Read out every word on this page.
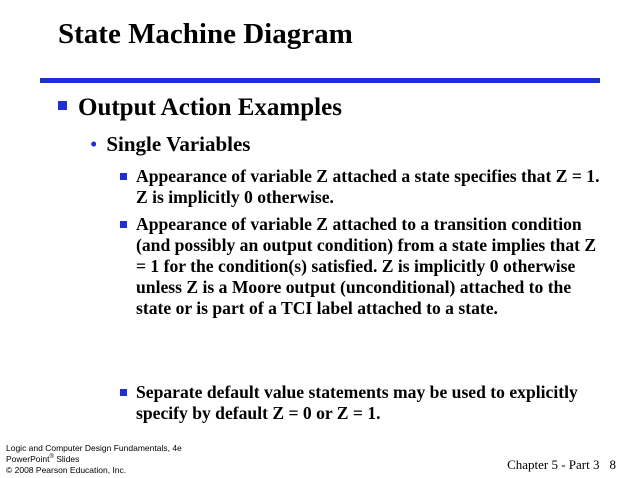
State Machine Diagram
Output Action Examples
• Single Variables
Appearance of variable Z attached a state specifies that Z = 1. Z is implicitly 0 otherwise.
Appearance of variable Z attached to a transition condition (and possibly an output condition) from a state implies that Z = 1 for the condition(s) satisfied. Z is implicitly 0 otherwise unless Z is a Moore output (unconditional) attached to the state or is part of a TCI label attached to a state.
Separate default value statements may be used to explicitly specify by default Z = 0 or Z = 1.
Logic and Computer Design Fundamentals, 4e
PowerPoint® Slides
© 2008 Pearson Education, Inc.	Chapter 5 - Part 3 8
